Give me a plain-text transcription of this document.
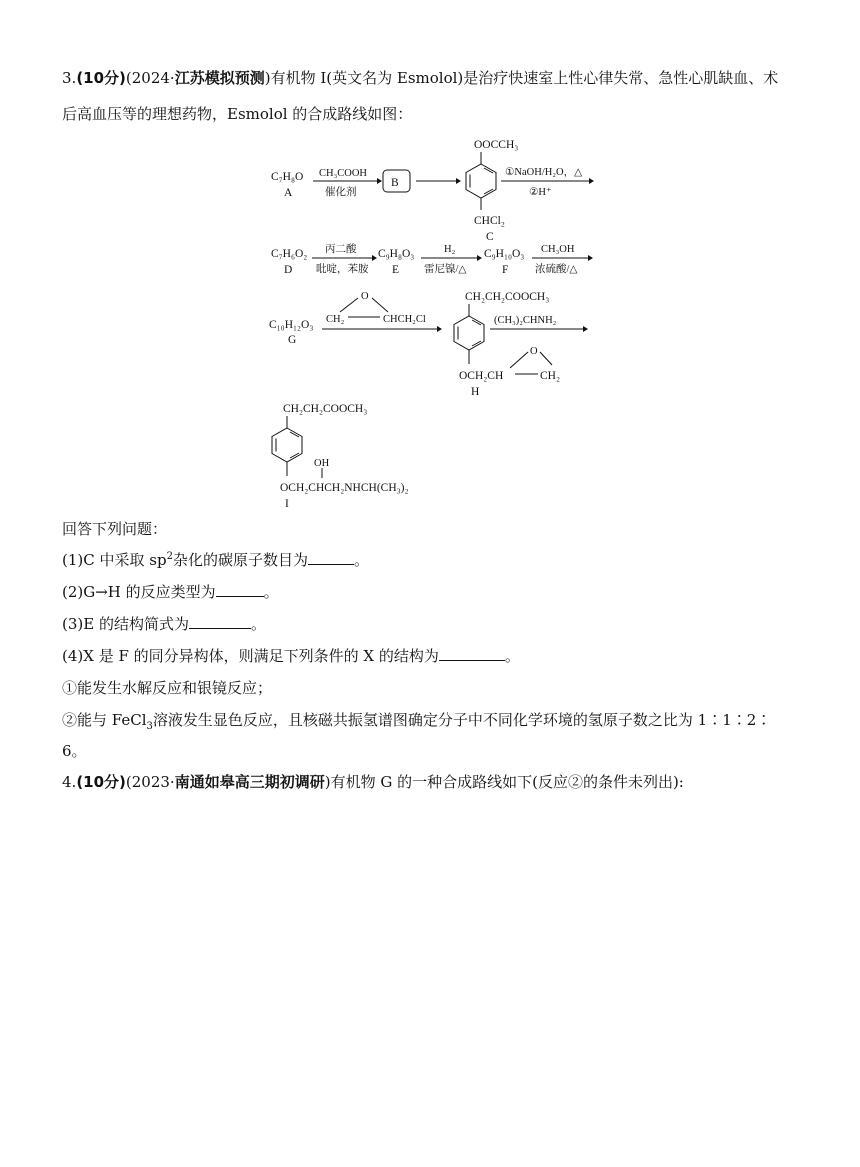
3.(10分)(2024·江苏模拟预测)有机物 I(英文名为 Esmolol)是治疗快速室上性心律失常、急性心肌缺血、术
后高血压等的理想药物，Esmolol 的合成路线如图：
C₇H₈O
A
CH₃COOH
催化剂
B
OOCCH₃
CHCl₂
C
①NaOH/H₂O，△
②H⁺
C₇H₆O₂
D
丙二酸
吡啶，苯胺
C₉H₈O₃
E
H₂
雷尼镍/△
C₉H₁₀O₃
F
CH₃OH
浓硫酸/△
C₁₀H₁₂O₃
G
O
CH₂	CHCH₂Cl
CH₂CH₂COOCH₃
O
OCH₂CH	CH₂
H
(CH₃)₂CHNH₂
CH₂CH₂COOCH₃
OH
OCH₂CHCH₂NHCH(CH₃)₂
I
回答下列问题：
(1)C 中采取 $sp^2$杂化的碳原子数目为	。
(2)G→H 的反应类型为	。
(3)E 的结构简式为	。
(4)X 是 F 的同分异构体，则满足下列条件的 X 的结构为	。
①能发生水解反应和银镜反应；
②能与 FeCl$_3$溶液发生显色反应，且核磁共振氢谱图确定分子中不同化学环境的氢原子数之比为 1∶1∶2∶
6。
4.(10分)(2023·南通如皋高三期初调研)有机物 G 的一种合成路线如下(反应②的条件未列出):
